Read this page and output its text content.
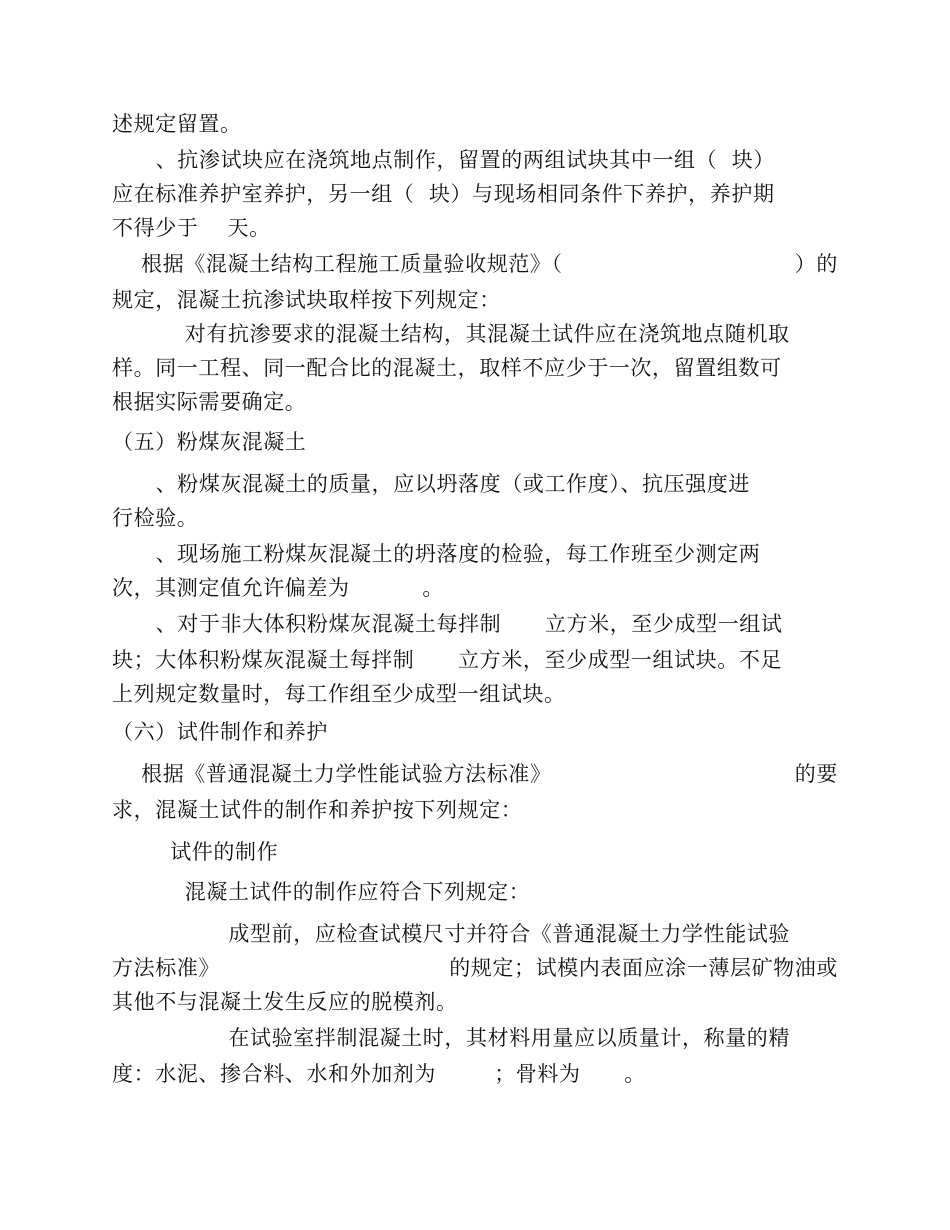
述规定留置。
、抗渗试块应在浇筑地点制作，留置的两组试块其中一组（  块）
应在标准养护室养护，另一组（  块）与现场相同条件下养护，养护期
不得少于    天。
根据《混凝土结构工程施工质量验收规范》（	）的
规定，混凝土抗渗试块取样按下列规定：
对有抗渗要求的混凝土结构，其混凝土试件应在浇筑地点随机取
样。同一工程、同一配合比的混凝土，取样不应少于一次，留置组数可
根据实际需要确定。
（五）粉煤灰混凝土
、粉煤灰混凝土的质量，应以坍落度（或工作度）、抗压强度进
行检验。
、现场施工粉煤灰混凝土的坍落度的检验，每工作班至少测定两
次，其测定值允许偏差为          。
、对于非大体积粉煤灰混凝土每拌制      立方米，至少成型一组试
块；大体积粉煤灰混凝土每拌制      立方米，至少成型一组试块。不足
上列规定数量时，每工作组至少成型一组试块。
（六）试件制作和养护
根据《普通混凝土力学性能试验方法标准》	的要
求，混凝土试件的制作和养护按下列规定：
试件的制作
混凝土试件的制作应符合下列规定：
成型前，应检查试模尺寸并符合《普通混凝土力学性能试验
方法标准》	的规定；试模内表面应涂一薄层矿物油或
其他不与混凝土发生反应的脱模剂。
在试验室拌制混凝土时，其材料用量应以质量计，称量的精
度：水泥、掺合料、水和外加剂为        ；骨料为      。
